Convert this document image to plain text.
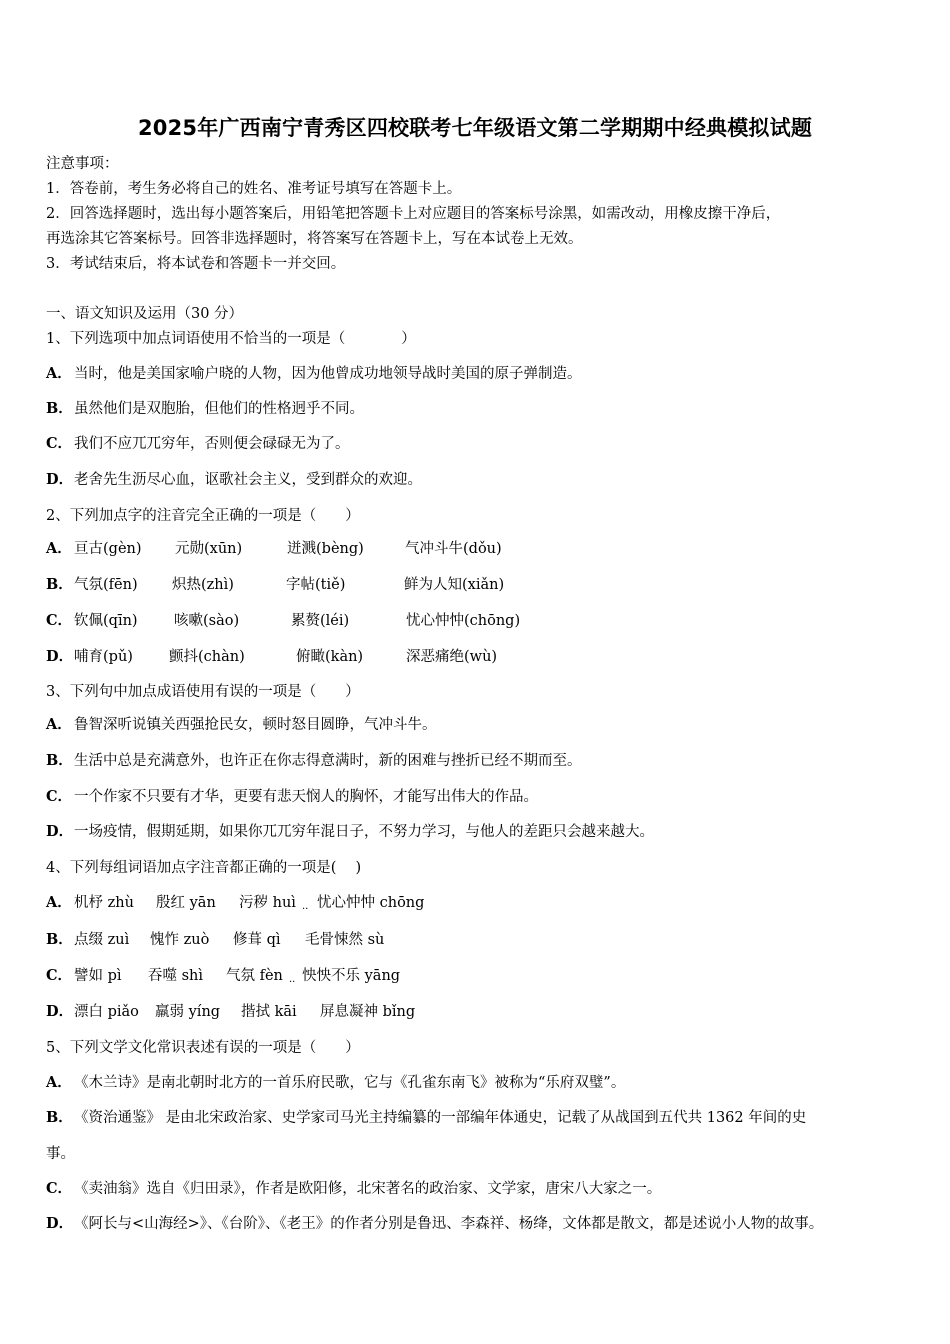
2025年广西南宁青秀区四校联考七年级语文第二学期期中经典模拟试题
注意事项：
1．答卷前，考生务必将自己的姓名、准考证号填写在答题卡上。
2．回答选择题时，选出每小题答案后，用铅笔把答题卡上对应题目的答案标号涂黑，如需改动，用橡皮擦干净后，
再选涂其它答案标号。回答非选择题时，将答案写在答题卡上，写在本试卷上无效。
3．考试结束后，将本试卷和答题卡一并交回。
一、语文知识及运用（30 分）
1、下列选项中加点词语使用不恰当的一项是（	）
A． 当时，他是美国家喻户晓的人物，因为他曾成功地领导战时美国的原子弹制造。
B．虽然他们是双胞胎，但他们的性格迥乎不同。
C． 我们不应兀兀穷年，否则便会碌碌无为了。
D．老舍先生沥尽心血，讴歌社会主义，受到群众的欢迎。
2、下列加点字的注音完全正确的一项是（　　）
A． 亘古(gèn) 元勋(xūn)	迸溅(bèng)	气冲斗牛(dǒu)
B． 气氛(fēn) 炽热(zhì)	字帖(tiě)	鲜为人知(xiǎn)
C． 钦佩(qīn)	咳嗽(sào)	累赘(léi)	忧心忡忡(chōng)
D． 哺育(pǔ) 颤抖(chàn)	俯瞰(kàn)	深恶痛绝(wù)
3、下列句中加点成语使用有误的一项是（　　）
A． 鲁智深听说镇关西强抢民女，顿时怒目圆睁，气冲斗牛。
B．生活中总是充满意外，也许正在你志得意满时，新的困难与挫折已经不期而至。
C． 一个作家不只要有才华，更要有悲天悯人的胸怀，才能写出伟大的作品。
D．一场疫情，假期延期，如果你兀兀穷年混日子，不努力学习，与他人的差距只会越来越大。
4、下列每组词语加点字注音都正确的一项是(　 )
A． 机杼 zhù 殷红 yān 污秽 huì 忧心忡忡 chōng
B． 点缀 zuì 愧怍 zuò 修葺 qì 毛骨悚然 sù
C． 譬如 pì 吞噬 shì 气氛 fèn 怏怏不乐 yāng
D． 漂白 piǎo 羸弱 yíng 揩拭 kāi 屏息凝神 bǐng
··
··
5、下列文学文化常识表述有误的一项是（　　）
A． 《木兰诗》是南北朝时北方的一首乐府民歌，它与《孔雀东南飞》被称为“乐府双璧”。
B．《资治通鉴》 是由北宋政治家、史学家司马光主持编纂的一部编年体通史，记载了从战国到五代共 1362 年间的史
事。
C． 《卖油翁》选自《归田录》，作者是欧阳修，北宋著名的政治家、文学家，唐宋八大家之一。
D．《阿长与<山海经>》、《台阶》、《老王》的作者分别是鲁迅、李森祥、杨绛，文体都是散文，都是述说小人物的故事。
